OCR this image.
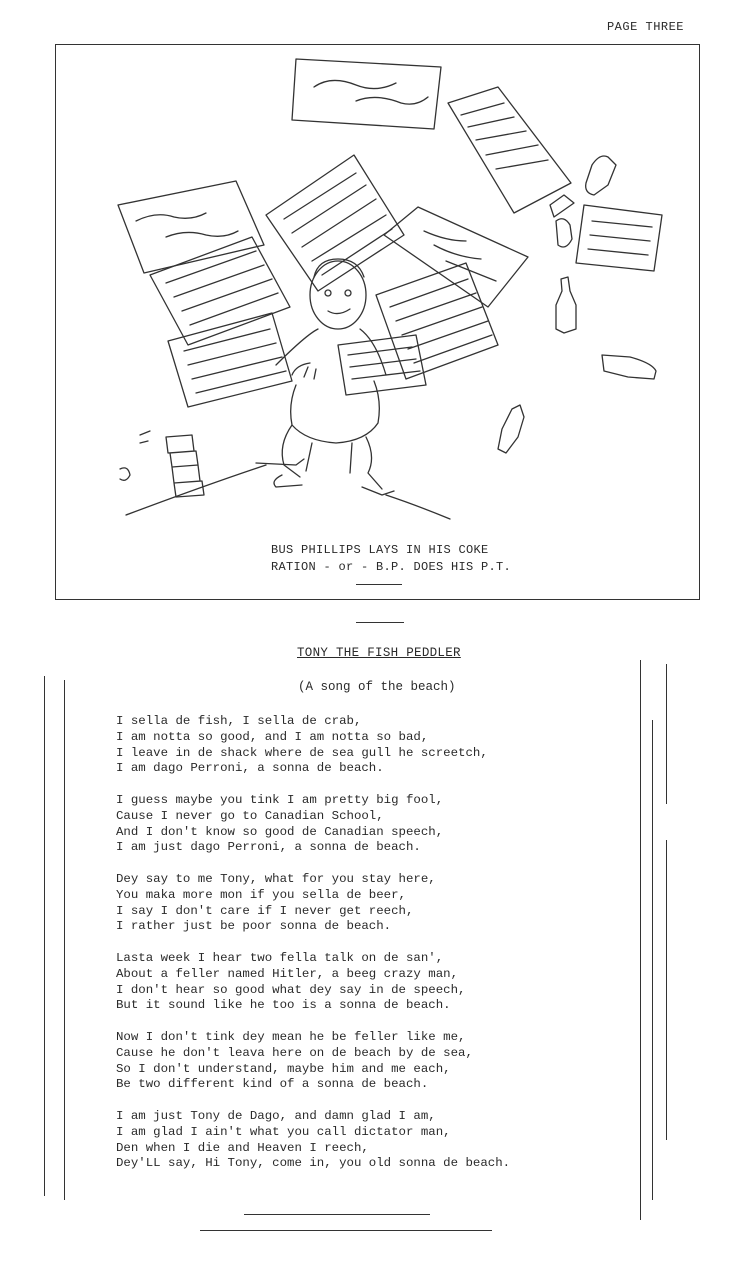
PAGE THREE
BUS PHILLIPS LAYS IN HIS COKE
RATION - or - B.P. DOES HIS P.T.
TONY THE FISH PEDDLER
(A song of the beach)
I sella de fish, I sella de crab,
I am notta so good, and I am notta so bad,
I leave in de shack where de sea gull he screetch,
I am dago Perroni, a sonna de beach.
I guess maybe you tink I am pretty big fool,
Cause I never go to Canadian School,
And I don't know so good de Canadian speech,
I am just dago Perroni, a sonna de beach.
Dey say to me Tony, what for you stay here,
You maka more mon if you sella de beer,
I say I don't care if I never get reech,
I rather just be poor sonna de beach.
Lasta week I hear two fella talk on de san',
About a feller named Hitler, a beeg crazy man,
I don't hear so good what dey say in de speech,
But it sound like he too is a sonna de beach.
Now I don't tink dey mean he be feller like me,
Cause he don't leava here on de beach by de sea,
So I don't understand, maybe him and me each,
Be two different kind of a sonna de beach.
I am just Tony de Dago, and damn glad I am,
I am glad I ain't what you call dictator man,
Den when I die and Heaven I reech,
Dey'LL say, Hi Tony, come in, you old sonna de beach.
